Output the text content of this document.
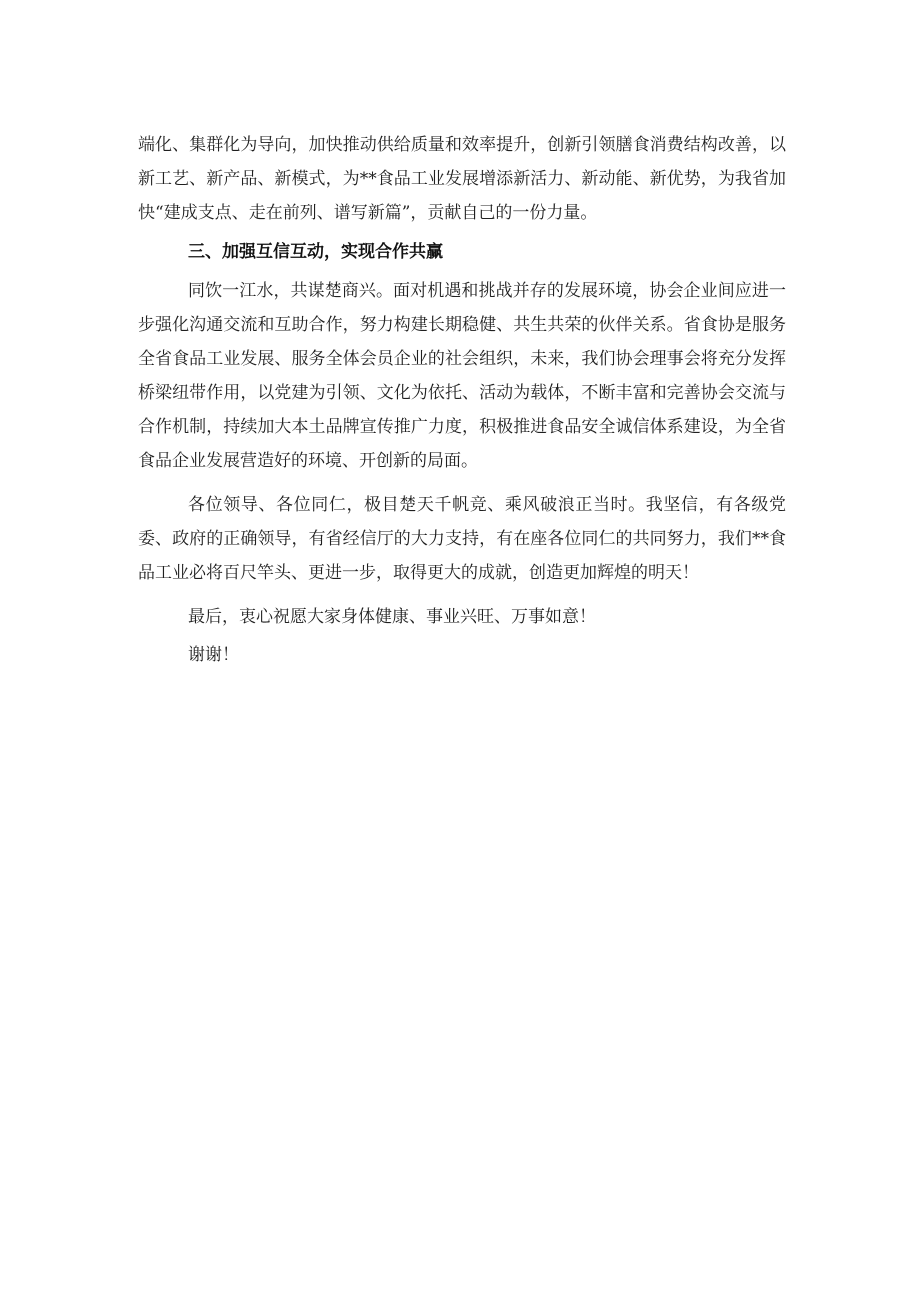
端化、集群化为导向，加快推动供给质量和效率提升，创新引领膳食消费结构改善，以新工艺、新产品、新模式，为**食品工业发展增添新活力、新动能、新优势，为我省加快“建成支点、走在前列、谱写新篇”，贡献自己的一份力量。

三、加强互信互动，实现合作共赢

同饮一江水，共谋楚商兴。面对机遇和挑战并存的发展环境，协会企业间应进一步强化沟通交流和互助合作，努力构建长期稳健、共生共荣的伙伴关系。省食协是服务全省食品工业发展、服务全体会员企业的社会组织，未来，我们协会理事会将充分发挥桥梁纽带作用，以党建为引领、文化为依托、活动为载体，不断丰富和完善协会交流与合作机制，持续加大本土品牌宣传推广力度，积极推进食品安全诚信体系建设，为全省食品企业发展营造好的环境、开创新的局面。

各位领导、各位同仁，极目楚天千帆竞、乘风破浪正当时。我坚信，有各级党委、政府的正确领导，有省经信厅的大力支持，有在座各位同仁的共同努力，我们**食品工业必将百尺竿头、更进一步，取得更大的成就，创造更加辉煌的明天！

最后，衷心祝愿大家身体健康、事业兴旺、万事如意！

谢谢！
